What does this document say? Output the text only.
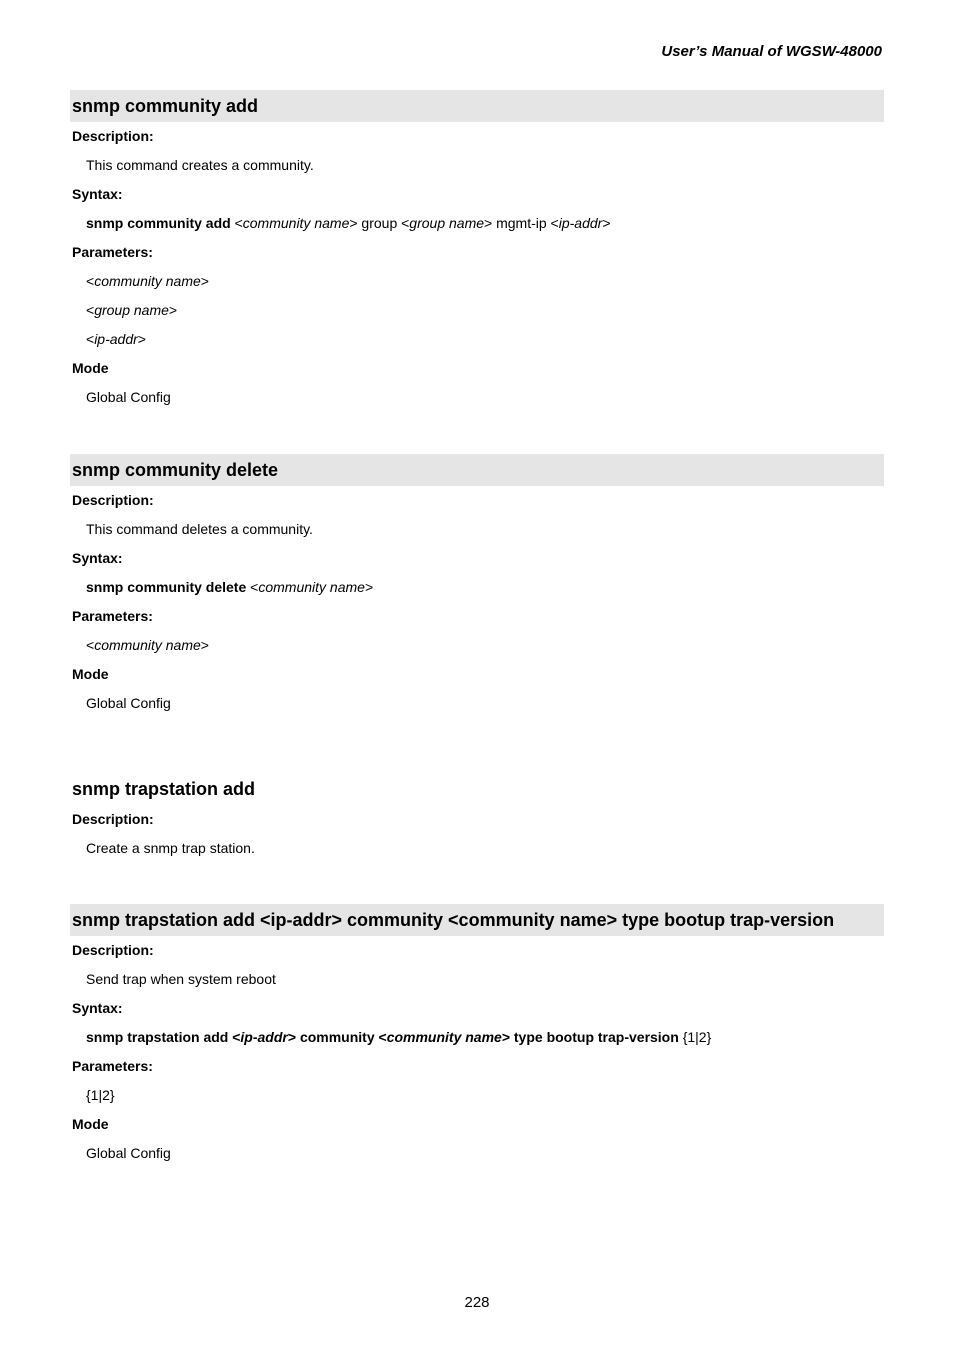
User’s Manual of WGSW-48000
snmp community add
Description:
This command creates a community.
Syntax:
snmp community add <community name> group <group name> mgmt-ip <ip-addr>
Parameters:
<community name>
<group name>
<ip-addr>
Mode
Global Config
snmp community delete
Description:
This command deletes a community.
Syntax:
snmp community delete <community name>
Parameters:
<community name>
Mode
Global Config
snmp trapstation add
Description:
Create a snmp trap station.
snmp trapstation add <ip-addr> community <community name> type bootup trap-version
Description:
Send trap when system reboot
Syntax:
snmp trapstation add <ip-addr> community <community name> type bootup trap-version {1|2}
Parameters:
{1|2}
Mode
Global Config
228
